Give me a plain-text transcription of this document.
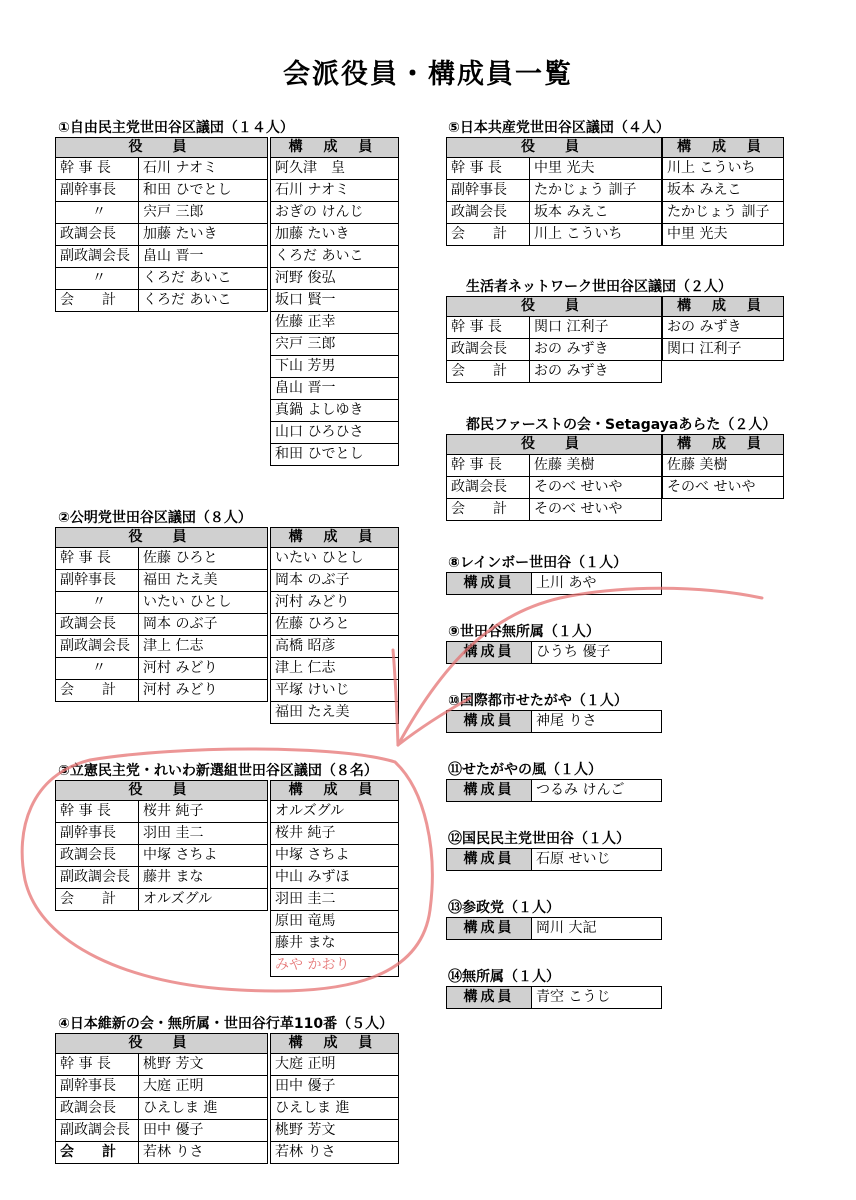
会派役員・構成員一覧
①自由民主党世田谷区議団（１４人）
役　員	
幹 事 長	石川 ナオミ
副幹事長	和田 ひでとし
〃	宍戸 三郎
政調会長	加藤 たいき
副政調会長	畠山 晋一
〃	くろだ あいこ
会　　計	くろだ あいこ
構 成 員
阿久津　皇
石川 ナオミ
おぎの けんじ
加藤 たいき
くろだ あいこ
河野 俊弘
坂口 賢一
佐藤 正幸
宍戸 三郎
下山 芳男
畠山 晋一
真鍋 よしゆき
山口 ひろひさ
和田 ひでとし
②公明党世田谷区議団（８人）
役　員	
幹 事 長	佐藤 ひろと
副幹事長	福田 たえ美
〃	いたい ひとし
政調会長	岡本 のぶ子
副政調会長	津上 仁志
〃	河村 みどり
会　　計	河村 みどり
構 成 員
いたい ひとし
岡本 のぶ子
河村 みどり
佐藤 ひろと
高橋 昭彦
津上 仁志
平塚 けいじ
福田 たえ美
③立憲民主党・れいわ新選組世田谷区議団（８名）
役　員	
幹 事 長	桜井 純子
副幹事長	羽田 圭二
政調会長	中塚 さちよ
副政調会長	藤井 まな
会　　計	オルズグル
構 成 員
オルズグル
桜井 純子
中塚 さちよ
中山 みずほ
羽田 圭二
原田 竜馬
藤井 まな
みや かおり
④日本維新の会・無所属・世田谷行革110番（５人）
役　員	
幹 事 長	桃野 芳文
副幹事長	大庭 正明
政調会長	ひえしま 進
副政調会長	田中 優子
会　　計	若林 りさ
構 成 員
大庭 正明
田中 優子
ひえしま 進
桃野 芳文
若林 りさ
⑤日本共産党世田谷区議団（４人）
役　員	
幹 事 長	中里 光夫
副幹事長	たかじょう 訓子
政調会長	坂本 みえこ
会　　計	川上 こういち
構 成 員
川上 こういち
坂本 みえこ
たかじょう 訓子
中里 光夫
生活者ネットワーク世田谷区議団（２人）
役　員	
幹 事 長	関口 江利子
政調会長	おの みずき
会　　計	おの みずき
構 成 員
おの みずき
関口 江利子
都民ファーストの会・Setagayaあらた（２人）
役　員	
幹 事 長	佐藤 美樹
政調会長	そのべ せいや
会　　計	そのべ せいや
構 成 員
佐藤 美樹
そのべ せいや
⑧レインボー世田谷（１人）
構成員	上川 あや
⑨世田谷無所属（１人）
構成員	ひうち 優子
⑩国際都市せたがや（１人）
構成員	神尾 りさ
⑪せたがやの風（１人）
構成員	つるみ けんご
⑫国民民主党世田谷（１人）
構成員	石原 せいじ
⑬参政党（１人）
構成員	岡川 大記
⑭無所属（１人）
構成員	青空 こうじ
